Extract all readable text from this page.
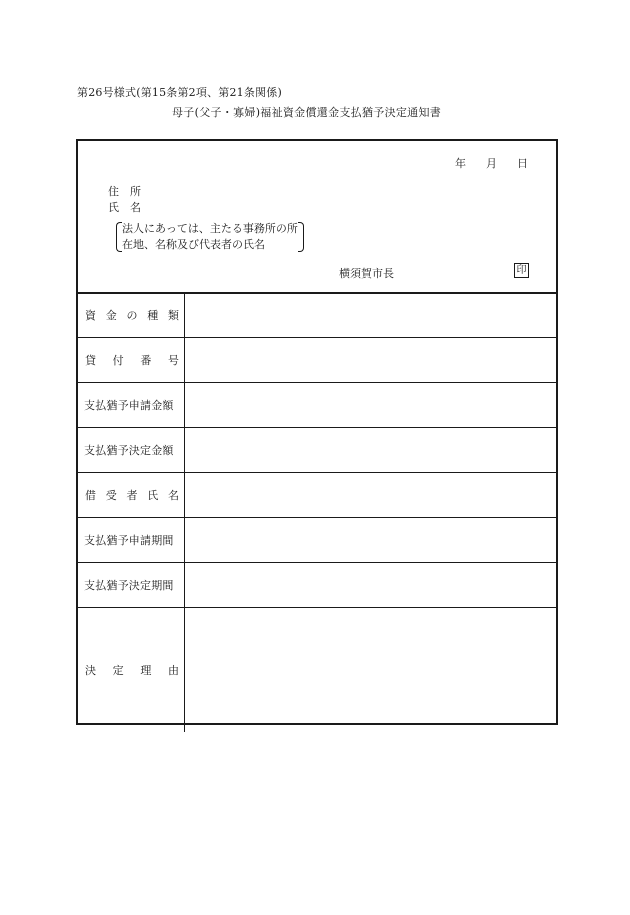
第26号様式(第15条第2項、第21条関係)
母子(父子・寡婦)福祉資金償還金支払猶予決定通知書
年 月 日
住　所
氏　名
法人にあっては、主たる事務所の所
在地、名称及び代表者の氏名
横須賀市長	印
資 金 の 種 類
貸 付 番 号
支払猶予申請金額
支払猶予決定金額
借 受 者 氏 名
支払猶予申請期間
支払猶予決定期間
決 定 理 由
